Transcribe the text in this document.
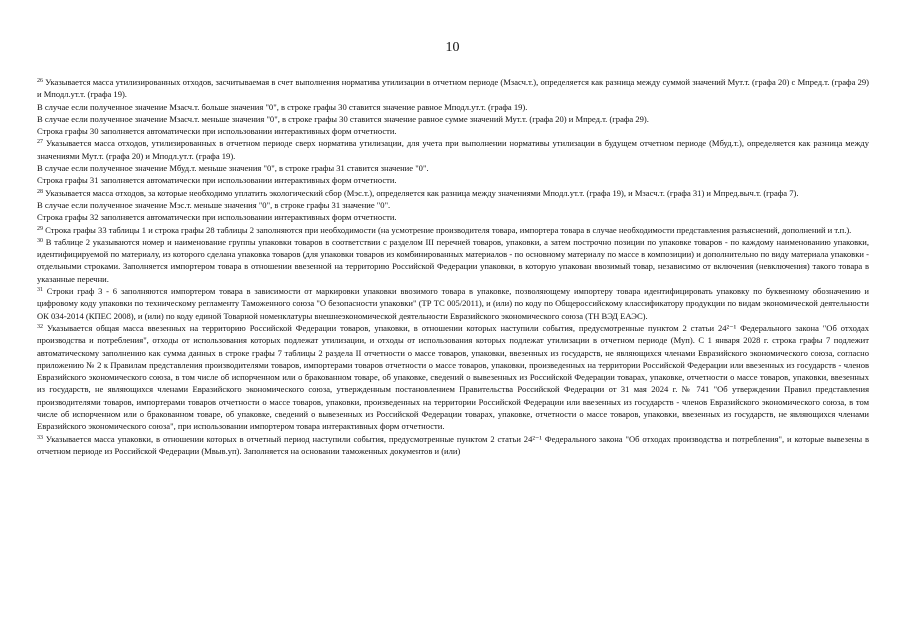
10

$^{26}$ Указывается масса утилизированных отходов, засчитываемая в счет выполнения норматива утилизации в отчетном периоде (Мзасч.т.), определяется как разница между суммой значений Мут.т. (графа 20) с Мпред.т. (графа 29) и Мподл.ут.т. (графа 19).

В случае если полученное значение Мзасч.т. больше значения "0", в строке графы 30 ставится значение равное Мподл.ут.т. (графа 19).

В случае если полученное значение Мзасч.т. меньше значения "0", в строке графы 30 ставится значение равное сумме значений Мут.т. (графа 20) и Мпред.т. (графа 29).

Строка графы 30 заполняется автоматически при использовании интерактивных форм отчетности.

$^{27}$ Указывается масса отходов, утилизированных в отчетном периоде сверх норматива утилизации, для учета при выполнении нормативы утилизации в будущем отчетном периоде (Мбуд.т.), определяется как разница между значениями Мут.т. (графа 20) и Мподл.ут.т. (графа 19).

В случае если полученное значение Мбуд.т. меньше значения "0", в строке графы 31 ставится значение "0".

Строка графы 31 заполняется автоматически при использовании интерактивных форм отчетности.

$^{28}$ Указывается масса отходов, за которые необходимо уплатить экологический сбор (Мэс.т.), определяется как разница между значениями Мподл.ут.т. (графа 19), и Мзасч.т. (графа 31) и Мпред.выч.т. (графа 7).

В случае если полученное значение Мэс.т. меньше значения "0", в строке графы 31 значение "0".

Строка графы 32 заполняется автоматически при использовании интерактивных форм отчетности.

$^{29}$ Строка графы 33 таблицы 1 и строка графы 28 таблицы 2 заполняются при необходимости (на усмотрение производителя товара, импортера товара в случае необходимости представления разъяснений, дополнений и т.п.).

$^{30}$ В таблице 2 указываются номер и наименование группы упаковки товаров в соответствии с разделом III перечней товаров, упаковки, а затем построчно позиции по упаковке товаров - по каждому наименованию упаковки, идентифицируемой по материалу, из которого сделана упаковка товаров (для упаковки товаров из комбинированных материалов - по основному материалу по массе в композиции) и дополнительно по виду материала упаковки - отдельными строками. Заполняется импортером товара в отношении ввезенной на территорию Российской Федерации упаковки, в которую упакован ввозимый товар, независимо от включения (невключения) такого товара в указанные перечни.

$^{31}$ Строки граф 3 - 6 заполняются импортером товара в зависимости от маркировки упаковки ввозимого товара в упаковке, позволяющему импортеру товара идентифицировать упаковку по буквенному обозначению и цифровому коду упаковки по техническому регламенту Таможенного союза "О безопасности упаковки" (ТР ТС 005/2011), и (или) по коду по Общероссийскому классификатору продукции по видам экономической деятельности ОК 034-2014 (КПЕС 2008), и (или) по коду единой Товарной номенклатуры внешнеэкономической деятельности Евразийского экономического союза (ТН ВЭД ЕАЭС).

$^{32}$ Указывается общая масса ввезенных на территорию Российской Федерации товаров, упаковки, в отношении которых наступили события, предусмотренные пунктом 2 статьи 24²⁻¹ Федерального закона "Об отходах производства и потребления", отходы от использования которых подлежат утилизации, и отходы от использования которых подлежат утилизации в отчетном периоде (Муп). С 1 января 2028 г. строка графы 7 подлежит автоматическому заполнению как сумма данных в строке графы 7 таблицы 2 раздела II отчетности о массе товаров, упаковки, ввезенных из государств, не являющихся членами Евразийского экономического союза, согласно приложению № 2 к Правилам представления производителями товаров, импортерами товаров отчетности о массе товаров, упаковки, произведенных на территории Российской Федерации или ввезенных из государств - членов Евразийского экономического союза, в том числе об испорченном или о бракованном товаре, об упаковке, сведений о вывезенных из Российской Федерации товарах, упаковке, отчетности о массе товаров, упаковки, ввезенных из государств, не являющихся членами Евразийского экономического союза, утвержденным постановлением Правительства Российской Федерации от 31 мая 2024 г. № 741 "Об утверждении Правил представления производителями товаров, импортерами товаров отчетности о массе товаров, упаковки, произведенных на территории Российской Федерации или ввезенных из государств - членов Евразийского экономического союза, в том числе об испорченном или о бракованном товаре, об упаковке, сведений о вывезенных из Российской Федерации товарах, упаковке, отчетности о массе товаров, упаковки, ввезенных из государств, не являющихся членами Евразийского экономического союза", при использовании импортером товара интерактивных форм отчетности.

$^{33}$ Указывается масса упаковки, в отношении которых в отчетный период наступили события, предусмотренные пунктом 2 статьи 24²⁻¹ Федерального закона "Об отходах производства и потребления", и которые вывезены в отчетном периоде из Российской Федерации (Мвыв.уп). Заполняется на основании таможенных документов и (или)
